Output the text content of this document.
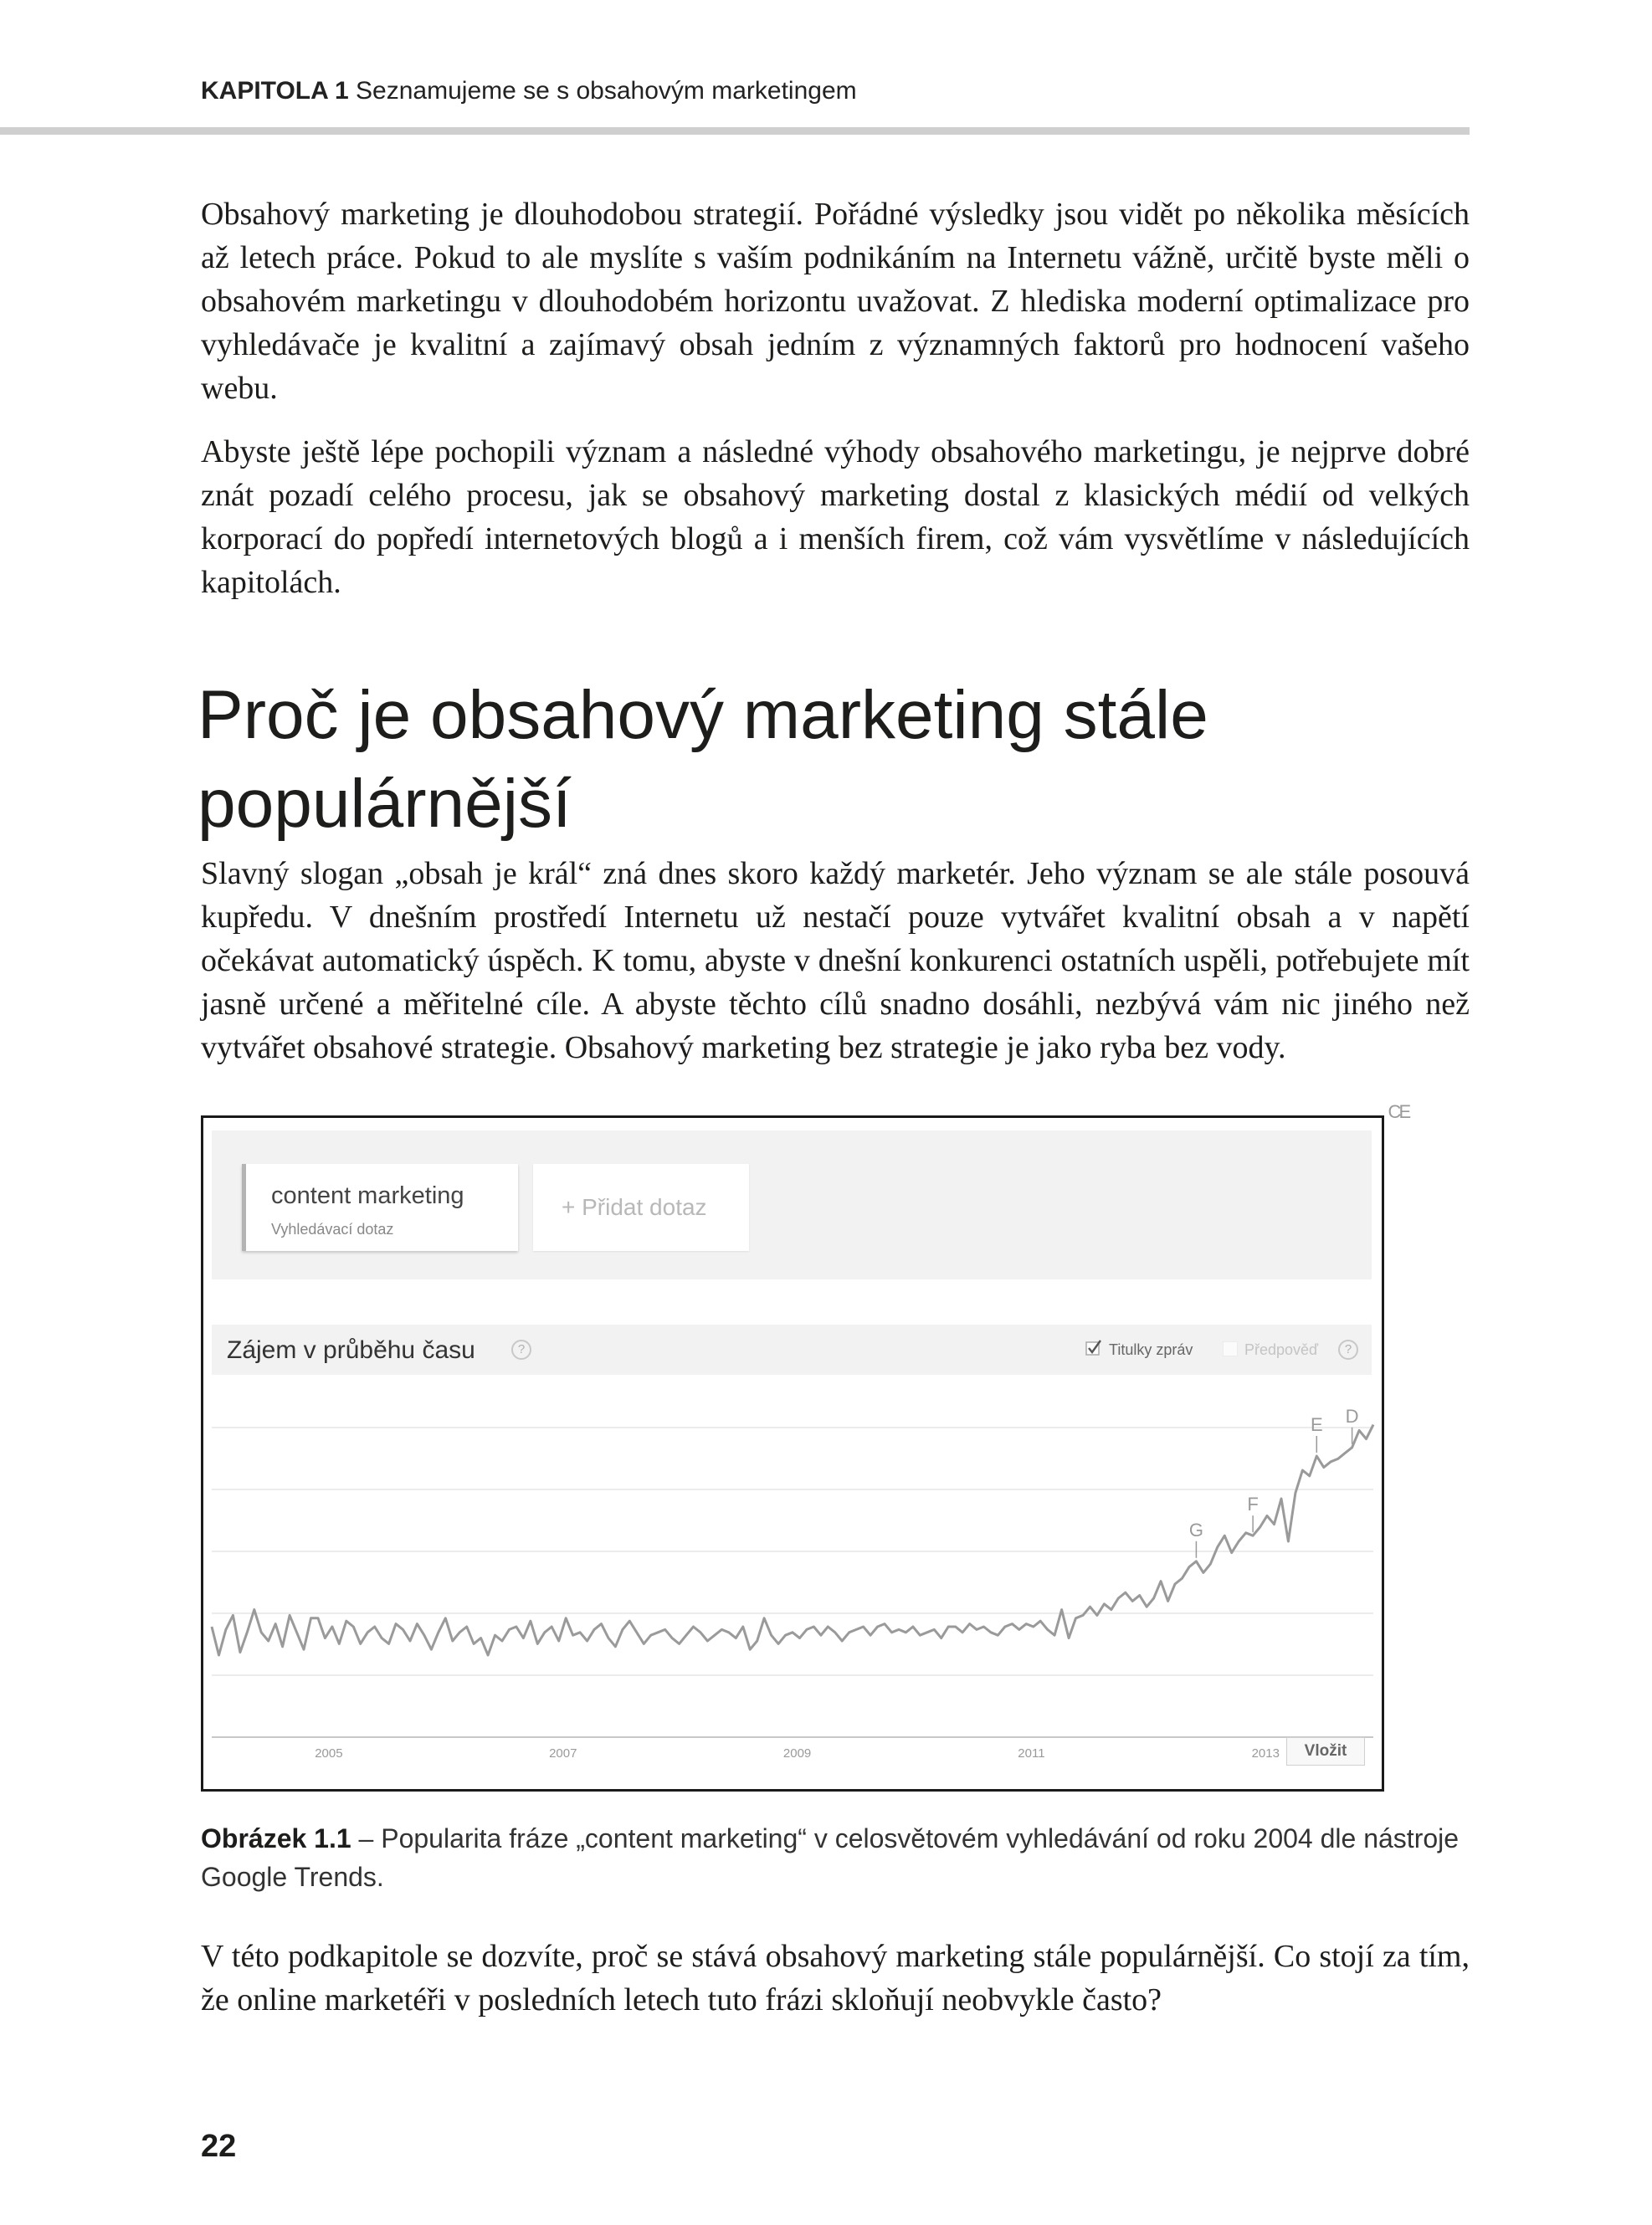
KAPITOLA 1 Seznamujeme se s obsahovým marketingem

Obsahový marketing je dlouhodobou strategií. Pořádné výsledky jsou vidět po několika měsících až letech práce. Pokud to ale myslíte s vaším podnikáním na Internetu vážně, určitě byste měli o obsahovém marketingu v dlouhodobém horizontu uvažovat. Z hlediska moderní optimalizace pro vyhledávače je kvalitní a zajímavý obsah jedním z významných faktorů pro hodnocení vašeho webu.

Abyste ještě lépe pochopili význam a následné výhody obsahového marketingu, je nejprve dobré znát pozadí celého procesu, jak se obsahový marketing dostal z klasických médií od velkých korporací do popředí internetových blogů a i menších firem, což vám vysvětlíme v následujících kapitolách.

Proč je obsahový marketing stále populárnější

Slavný slogan „obsah je král“ zná dnes skoro každý marketér. Jeho význam se ale stále posouvá kupředu. V dnešním prostředí Internetu už nestačí pouze vytvářet kvalitní obsah a v napětí očekávat automatický úspěch. K tomu, abyste v dnešní konkurenci ostatních uspěli, potřebujete mít jasně určené a měřitelné cíle. A abyste těchto cílů snadno dosáhli, nezbývá vám nic jiného než vytvářet obsahové strategie. Obsahový marketing bez strategie je jako ryba bez vody.

content marketing
Vyhledávací dotaz
+ Přidat dotaz
Zájem v průběhu času	?	Titulky zpráv	Předpověď	?
2005	2007	2009	2011	2013
G
F
E D
C
E
Vložit

Obrázek 1.1 – Popularita fráze „content marketing“ v celosvětovém vyhledávání od roku 2004 dle nástroje Google Trends.

V této podkapitole se dozvíte, proč se stává obsahový marketing stále populárnější. Co stojí za tím, že online marketéři v posledních letech tuto frázi skloňují neobvykle často?

22
